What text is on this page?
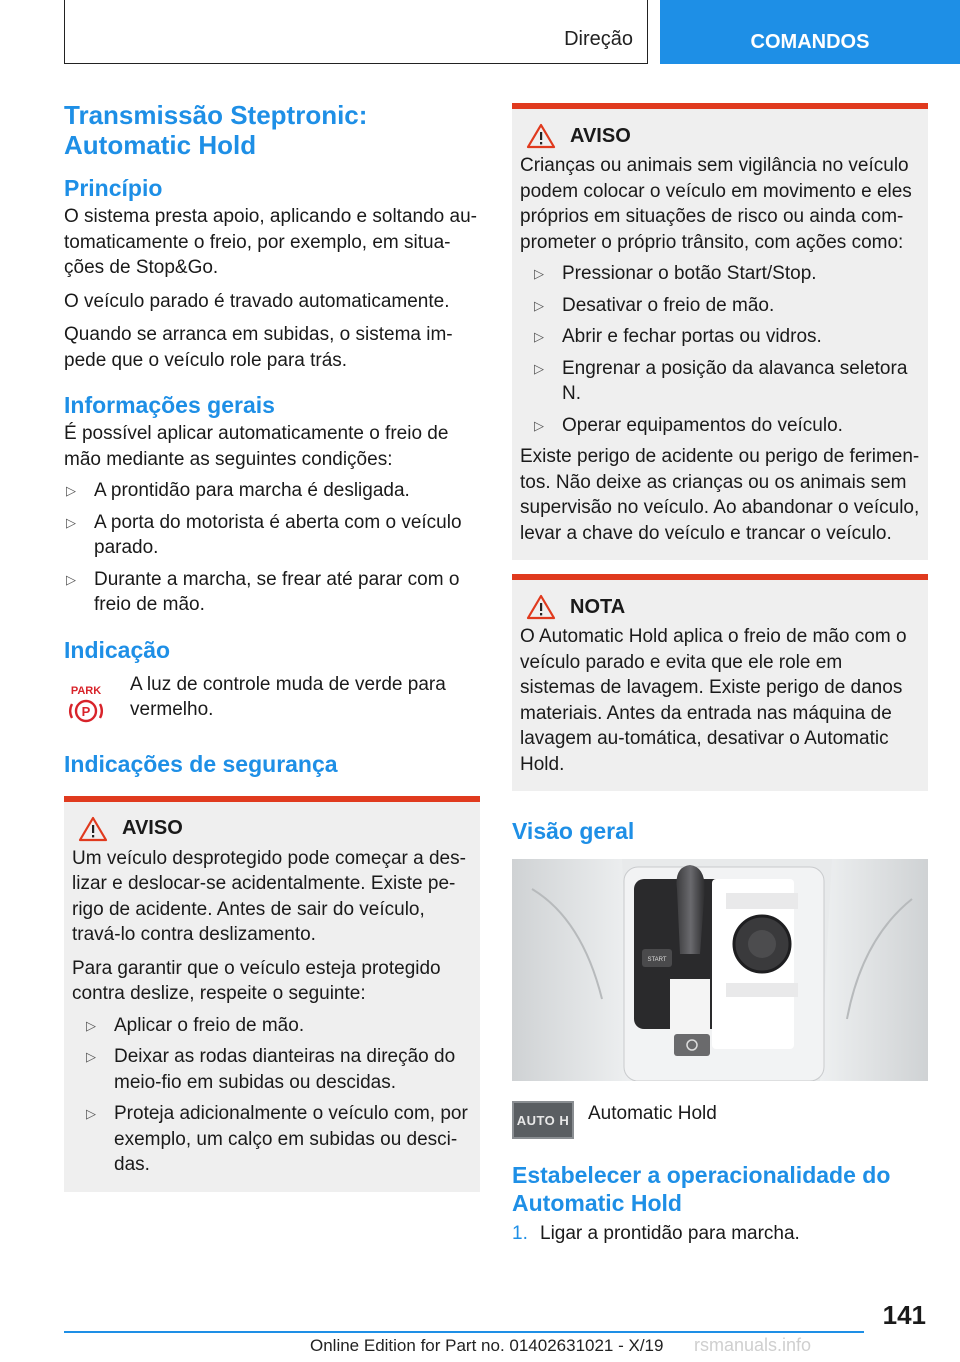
Direção	COMANDOS
Transmissão Steptronic: Automatic Hold
Princípio

O sistema presta apoio, aplicando e soltando au-tomaticamente o freio, por exemplo, em situa-ções de Stop&Go.

O veículo parado é travado automaticamente.

Quando se arranca em subidas, o sistema im-pede que o veículo role para trás.

Informações gerais

É possível aplicar automaticamente o freio de mão mediante as seguintes condições:

▷ A prontidão para marcha é desligada.
▷ A porta do motorista é aberta com o veículo parado.
▷ Durante a marcha, se frear até parar com o freio de mão.
Indicação
PARK
P

A luz de controle muda de verde para vermelho.

Indicações de segurança
AVISO

Um veículo desprotegido pode começar a des-lizar e deslocar-se acidentalmente. Existe pe-rigo de acidente. Antes de sair do veículo, travá-lo contra deslizamento.

Para garantir que o veículo esteja protegido contra deslize, respeite o seguinte:

▷ Aplicar o freio de mão.
▷ Deixar as rodas dianteiras na direção do meio-fio em subidas ou descidas.
▷ Proteja adicionalmente o veículo com, por exemplo, um calço em subidas ou desci-das.
AVISO

Crianças ou animais sem vigilância no veículo podem colocar o veículo em movimento e eles próprios em situações de risco ou ainda com-prometer o próprio trânsito, com ações como:

▷ Pressionar o botão Start/Stop.
▷ Desativar o freio de mão.
▷ Abrir e fechar portas ou vidros.
▷ Engrenar a posição da alavanca seletora N.
▷ Operar equipamentos do veículo.

Existe perigo de acidente ou perigo de ferimen-tos. Não deixe as crianças ou os animais sem supervisão no veículo. Ao abandonar o veículo, levar a chave do veículo e trancar o veículo.

NOTA

O Automatic Hold aplica o freio de mão com o veículo parado e evita que ele role em sistemas de lavagem. Existe perigo de danos materiais. Antes da entrada nas máquina de lavagem au-tomática, desativar o Automatic Hold.

Visão geral
START
AUTO H Automatic Hold

Estabelecer a operacionalidade do Automatic Hold
1. Ligar a prontidão para marcha.
141
Online Edition for Part no. 01402631021 - X/19 rsmanuals.info
